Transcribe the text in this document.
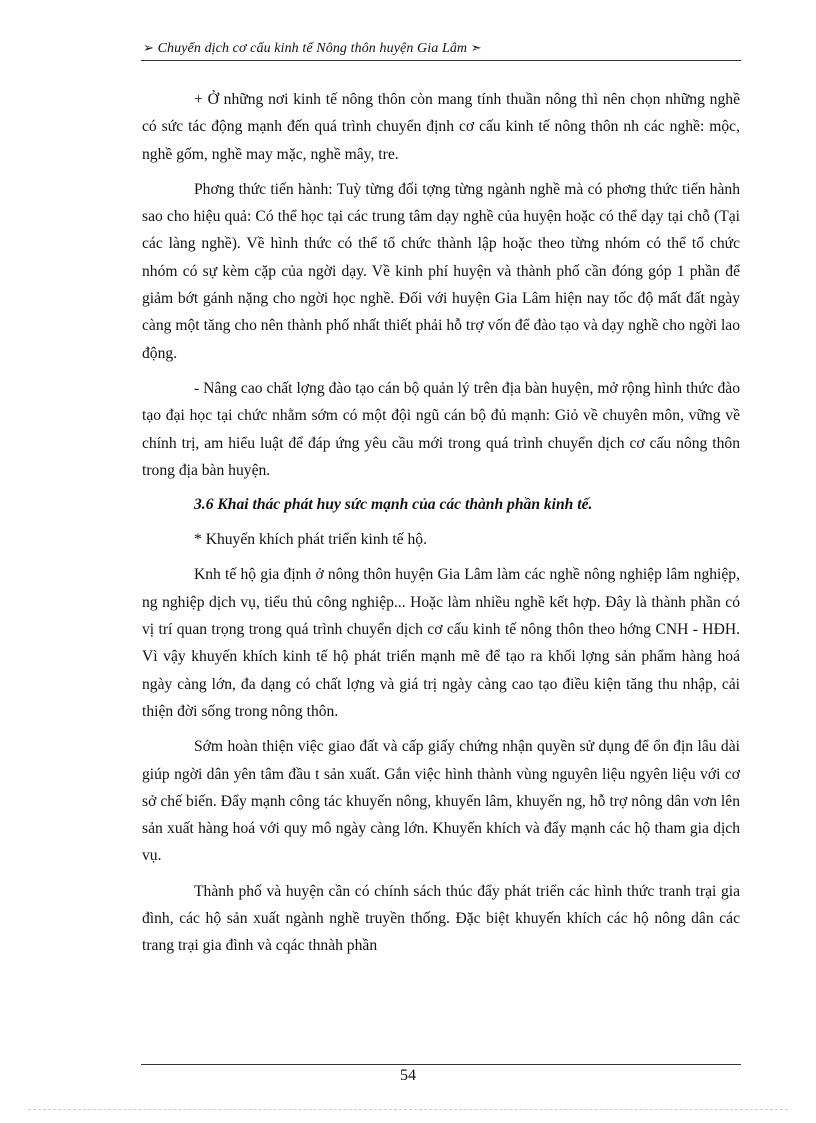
➢ Chuyển dịch cơ cấu kinh tế Nông thôn huyện Gia Lâm ➣

+ Ở những nơi kinh tế nông thôn còn mang tính thuần nông thì nên chọn những nghề có sức tác động mạnh đến quá trình chuyển định cơ cấu kinh tế nông thôn nh các nghề: mộc, nghề gốm, nghề may mặc, nghề mây, tre.

Phơng thức tiến hành: Tuỳ từng đối tợng từng ngành nghề mà có phơng thức tiến hành sao cho hiệu quả: Có thể học tại các trung tâm dạy nghề của huyện hoặc có thể dạy tại chỗ (Tại các làng nghề). Về hình thức có thể tổ chức thành lập hoặc theo từng nhóm có thể tổ chức nhóm có sự kèm cặp của ngời dạy. Về kinh phí huyện và thành phố cần đóng góp 1 phần để giảm bớt gánh nặng cho ngời học nghề. Đối với huyện Gia Lâm hiện nay tốc độ mất đất ngày càng một tăng cho nên thành phố nhất thiết phải hỗ trợ vốn để đào tạo và dạy nghề cho ngời lao động.

- Nâng cao chất lợng đào tạo cán bộ quản lý trên địa bàn huyện, mở rộng hình thức đào tạo đại học tại chức nhằm sớm có một đội ngũ cán bộ đủ mạnh: Giỏ về chuyên môn, vững về chính trị, am hiểu luật để đáp ứng yêu cầu mới trong quá trình chuyển dịch cơ cấu nông thôn trong địa bàn huyện.

3.6 Khai thác phát huy sức mạnh của các thành phần kinh tế.

* Khuyến khích phát triển kinh tế hộ.

Knh tế hộ gia định ở nông thôn huyện Gia Lâm làm các nghề nông nghiệp lâm nghiệp, ng nghiệp dịch vụ, tiểu thủ công nghiệp... Hoặc làm nhiều nghề kết hợp. Đây là thành phần có vị trí quan trọng trong quá trình chuyển dịch cơ cấu kinh tế nông thôn theo hớng CNH - HĐH. Vì vậy khuyến khích kinh tế hộ phát triển mạnh mẽ để tạo ra khối lợng sản phẩm hàng hoá ngày càng lớn, đa dạng có chất lợng và giá trị ngày càng cao tạo điều kiện tăng thu nhập, cải thiện đời sống trong nông thôn.

Sớm hoàn thiện việc giao đất và cấp giấy chứng nhận quyền sử dụng để ổn địn lâu dài giúp ngời dân yên tâm đầu t sản xuất. Gắn việc hình thành vùng nguyên liệu ngyên liệu với cơ sở chế biến. Đẩy mạnh công tác khuyến nông, khuyến lâm, khuyến ng, hỗ trợ nông dân vơn lên sản xuất hàng hoá với quy mô ngày càng lớn. Khuyến khích và đẩy mạnh các hộ tham gia dịch vụ.

Thành phố và huyện cần có chính sách thúc đẩy phát triển các hình thức tranh trại gia đình, các hộ sản xuất ngành nghề truyền thống. Đặc biệt khuyến khích các hộ nông dân các trang trại gia đình và cqác thnàh phần

54
